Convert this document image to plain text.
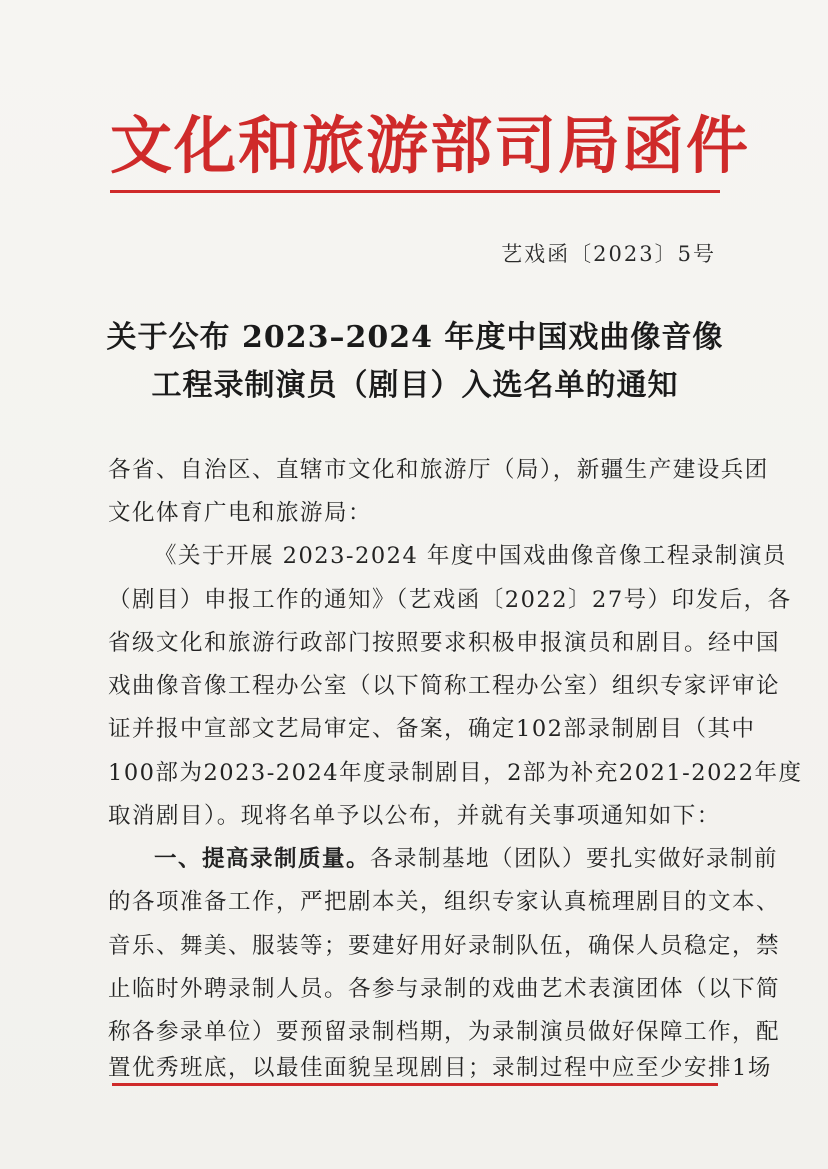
文化和旅游部司局函件
艺戏函〔2023〕5号
关于公布 2023–2024 年度中国戏曲像音像
工程录制演员（剧目）入选名单的通知
各省、自治区、直辖市文化和旅游厅（局），新疆生产建设兵团
文化体育广电和旅游局：
《关于开展 2023-2024 年度中国戏曲像音像工程录制演员
（剧目）申报工作的通知》（艺戏函〔2022〕27号）印发后，各
省级文化和旅游行政部门按照要求积极申报演员和剧目。经中国
戏曲像音像工程办公室（以下简称工程办公室）组织专家评审论
证并报中宣部文艺局审定、备案，确定102部录制剧目（其中
100部为2023-2024年度录制剧目，2部为补充2021-2022年度
取消剧目）。现将名单予以公布，并就有关事项通知如下：
一、提高录制质量。各录制基地（团队）要扎实做好录制前
的各项准备工作，严把剧本关，组织专家认真梳理剧目的文本、
音乐、舞美、服装等；要建好用好录制队伍，确保人员稳定，禁
止临时外聘录制人员。各参与录制的戏曲艺术表演团体（以下简
称各参录单位）要预留录制档期，为录制演员做好保障工作，配
置优秀班底，以最佳面貌呈现剧目；录制过程中应至少安排1场
